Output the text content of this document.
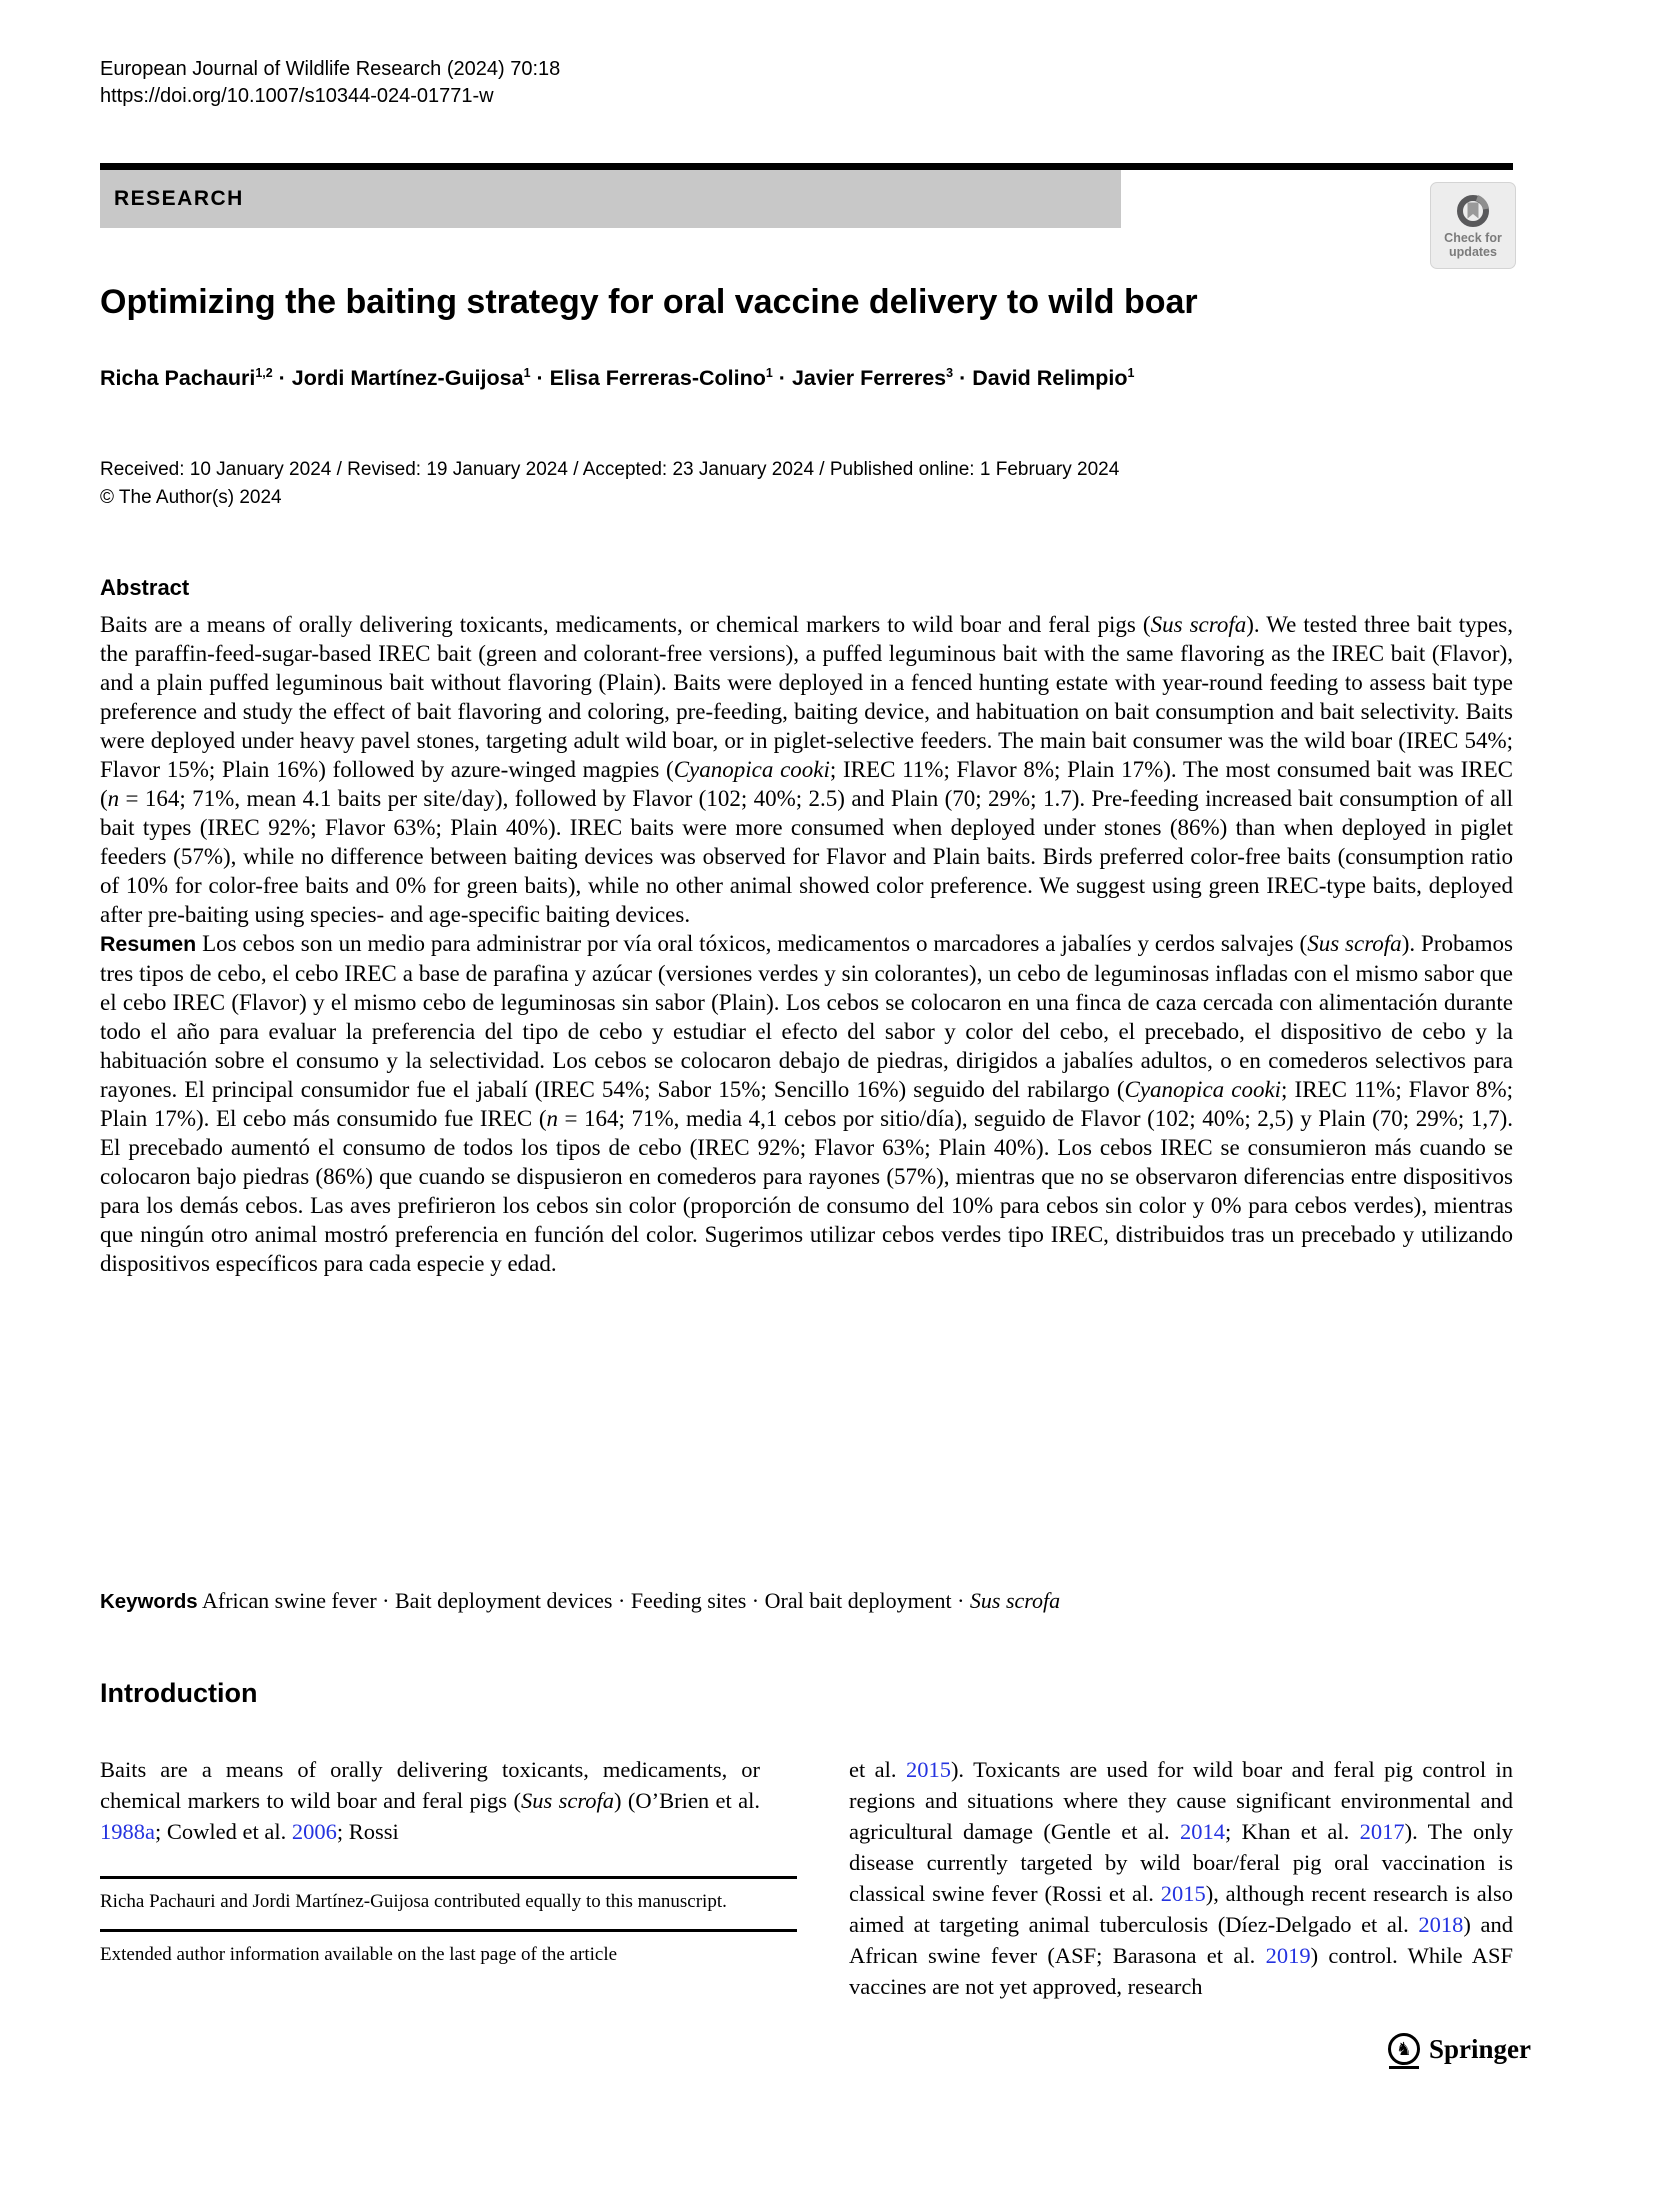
European Journal of Wildlife Research (2024) 70:18
https://doi.org/10.1007/s10344-024-01771-w
RESEARCH
Check for
updates
Optimizing the baiting strategy for oral vaccine delivery to wild boar
Richa Pachauri$^{1,2}$ · Jordi Martínez-Guijosa$^1$ · Elisa Ferreras-Colino$^1$ · Javier Ferreres$^3$ · David Relimpio$^1$
Received: 10 January 2024 / Revised: 19 January 2024 / Accepted: 23 January 2024 / Published online: 1 February 2024
© The Author(s) 2024
Abstract

Baits are a means of orally delivering toxicants, medicaments, or chemical markers to wild boar and feral pigs (Sus scrofa). We tested three bait types, the paraffin-feed-sugar-based IREC bait (green and colorant-free versions), a puffed leguminous bait with the same flavoring as the IREC bait (Flavor), and a plain puffed leguminous bait without flavoring (Plain). Baits were deployed in a fenced hunting estate with year-round feeding to assess bait type preference and study the effect of bait flavoring and coloring, pre-feeding, baiting device, and habituation on bait consumption and bait selectivity. Baits were deployed under heavy pavel stones, targeting adult wild boar, or in piglet-selective feeders. The main bait consumer was the wild boar (IREC 54%; Flavor 15%; Plain 16%) followed by azure-winged magpies (Cyanopica cooki; IREC 11%; Flavor 8%; Plain 17%). The most consumed bait was IREC (n = 164; 71%, mean 4.1 baits per site/day), followed by Flavor (102; 40%; 2.5) and Plain (70; 29%; 1.7). Pre-feeding increased bait consumption of all bait types (IREC 92%; Flavor 63%; Plain 40%). IREC baits were more consumed when deployed under stones (86%) than when deployed in piglet feeders (57%), while no difference between baiting devices was observed for Flavor and Plain baits. Birds preferred color-free baits (consumption ratio of 10% for color-free baits and 0% for green baits), while no other animal showed color preference. We suggest using green IREC-type baits, deployed after pre-baiting using species- and age-specific baiting devices.

Resumen Los cebos son un medio para administrar por vía oral tóxicos, medicamentos o marcadores a jabalíes y cerdos salvajes (Sus scrofa). Probamos tres tipos de cebo, el cebo IREC a base de parafina y azúcar (versiones verdes y sin colorantes), un cebo de leguminosas infladas con el mismo sabor que el cebo IREC (Flavor) y el mismo cebo de leguminosas sin sabor (Plain). Los cebos se colocaron en una finca de caza cercada con alimentación durante todo el año para evaluar la preferencia del tipo de cebo y estudiar el efecto del sabor y color del cebo, el precebado, el dispositivo de cebo y la habituación sobre el consumo y la selectividad. Los cebos se colocaron debajo de piedras, dirigidos a jabalíes adultos, o en comederos selectivos para rayones. El principal consumidor fue el jabalí (IREC 54%; Sabor 15%; Sencillo 16%) seguido del rabilargo (Cyanopica cooki; IREC 11%; Flavor 8%; Plain 17%). El cebo más consumido fue IREC (n = 164; 71%, media 4,1 cebos por sitio/día), seguido de Flavor (102; 40%; 2,5) y Plain (70; 29%; 1,7). El precebado aumentó el consumo de todos los tipos de cebo (IREC 92%; Flavor 63%; Plain 40%). Los cebos IREC se consumieron más cuando se colocaron bajo piedras (86%) que cuando se dispusieron en comederos para rayones (57%), mientras que no se observaron diferencias entre dispositivos para los demás cebos. Las aves prefirieron los cebos sin color (proporción de consumo del 10% para cebos sin color y 0% para cebos verdes), mientras que ningún otro animal mostró preferencia en función del color. Sugerimos utilizar cebos verdes tipo IREC, distribuidos tras un precebado y utilizando dispositivos específicos para cada especie y edad.

Keywords African swine fever · Bait deployment devices · Feeding sites · Oral bait deployment · Sus scrofa
Introduction
Baits are a means of orally delivering toxicants, medicaments, or chemical markers to wild boar and feral pigs (Sus scrofa) (O’Brien et al. 1988a; Cowled et al. 2006; Rossi
et al. 2015). Toxicants are used for wild boar and feral pig control in regions and situations where they cause significant environmental and agricultural damage (Gentle et al. 2014; Khan et al. 2017). The only disease currently targeted by wild boar/feral pig oral vaccination is classical swine fever (Rossi et al. 2015), although recent research is also aimed at targeting animal tuberculosis (Díez-Delgado et al. 2018) and African swine fever (ASF; Barasona et al. 2019) control. While ASF vaccines are not yet approved, research

Richa Pachauri and Jordi Martínez-Guijosa contributed equally to this manuscript.

Extended author information available on the last page of the article

♞ Springer
